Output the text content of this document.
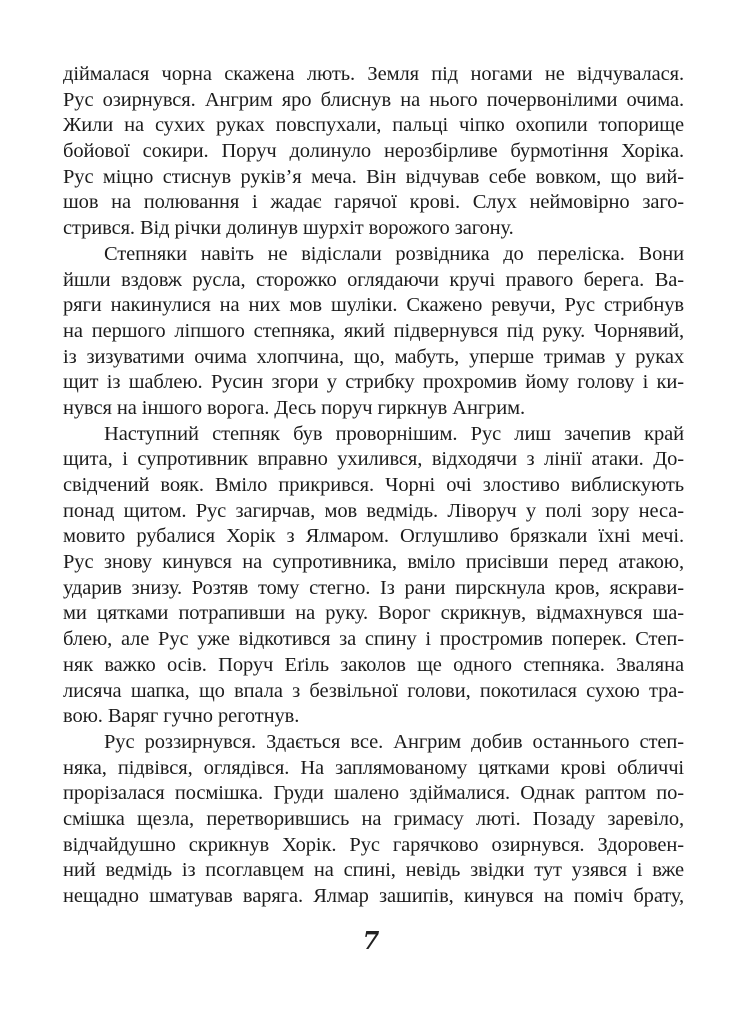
діймалася чорна скажена лють. Земля під ногами не відчувалася.
Рус озирнувся. Ангрим яро блиснув на нього почервонілими очима.
Жили на сухих руках повспухали, пальці чіпко охопили топорище
бойової сокири. Поруч долинуло нерозбірливе бурмотіння Хоріка.
Рус міцно стиснув руків’я меча. Він відчував себе вовком, що вий-
шов на полювання і жадає гарячої крові. Слух неймовірно заго-
стрився. Від річки долинув шурхіт ворожого загону.
Степняки навіть не відіслали розвідника до переліска. Вони
йшли вздовж русла, сторожко оглядаючи кручі правого берега. Ва-
ряги накинулися на них мов шуліки. Скажено ревучи, Рус стрибнув
на першого ліпшого степняка, який підвернувся під руку. Чорнявий,
із зизуватими очима хлопчина, що, мабуть, уперше тримав у руках
щит із шаблею. Русин згори у стрибку прохромив йому голову і ки-
нувся на іншого ворога. Десь поруч гиркнув Ангрим.
Наступний степняк був проворнішим. Рус лиш зачепив край
щита, і супротивник вправно ухилився, відходячи з лінії атаки. До-
свідчений вояк. Вміло прикрився. Чорні очі злостиво виблискують
понад щитом. Рус загирчав, мов ведмідь. Ліворуч у полі зору неса-
мовито рубалися Хорік з Ялмаром. Оглушливо брязкали їхні мечі.
Рус знову кинувся на супротивника, вміло присівши перед атакою,
ударив знизу. Розтяв тому стегно. Із рани пирскнула кров, яскрави-
ми цятками потрапивши на руку. Ворог скрикнув, відмахнувся ша-
блею, але Рус уже відкотився за спину і простромив поперек. Степ-
няк важко осів. Поруч Еґіль заколов ще одного степняка. Зваляна
лисяча шапка, що впала з безвільної голови, покотилася сухою тра-
вою. Варяг гучно реготнув.
Рус роззирнувся. Здається все. Ангрим добив останнього степ-
няка, підвівся, оглядівся. На заплямованому цятками крові обличчі
прорізалася посмішка. Груди шалено здіймалися. Однак раптом по-
смішка щезла, перетворившись на гримасу люті. Позаду заревіло,
відчайдушно скрикнув Хорік. Рус гарячково озирнувся. Здоровен-
ний ведмідь із псоглавцем на спині, невідь звідки тут узявся і вже
нещадно шматував варяга. Ялмар зашипів, кинувся на поміч брату,
7
